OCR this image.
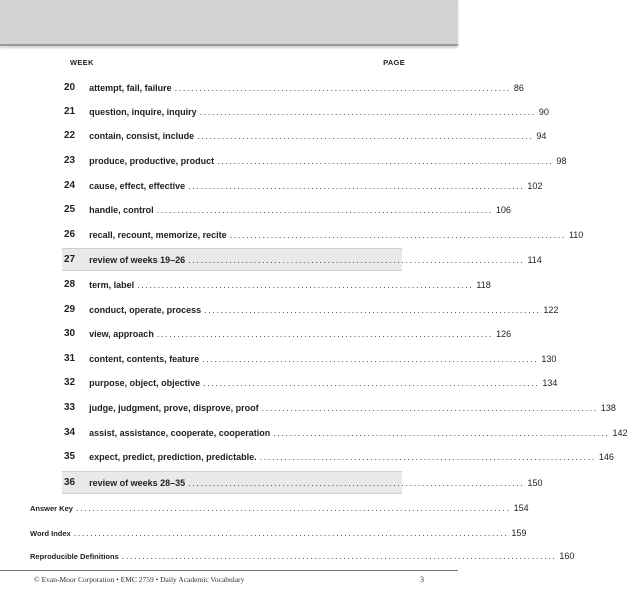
WEEK	PAGE
20 attempt, fail, failure .................................................................................. 86
21 question, inquire, inquiry .................................................................................. 90
22 contain, consist, include .................................................................................. 94
23 produce, productive, product .................................................................................. 98
24 cause, effect, effective .................................................................................. 102
25 handle, control .................................................................................. 106
26 recall, recount, memorize, recite .................................................................................. 110
27 review of weeks 19–26 .................................................................................. 114
28 term, label .................................................................................. 118
29 conduct, operate, process .................................................................................. 122
30 view, approach .................................................................................. 126
31 content, contents, feature .................................................................................. 130
32 purpose, object, objective .................................................................................. 134
33 judge, judgment, prove, disprove, proof .................................................................................. 138
34 assist, assistance, cooperate, cooperation .................................................................................. 142
35 expect, predict, prediction, predictable. .................................................................................. 146
36 review of weeks 28–35 .................................................................................. 150
Answer Key .......................................................................................................... 154
Word Index .......................................................................................................... 159
Reproducible Definitions .......................................................................................................... 160
© Evan-Moor Corporation • EMC 2759 • Daily Academic Vocabulary	3
